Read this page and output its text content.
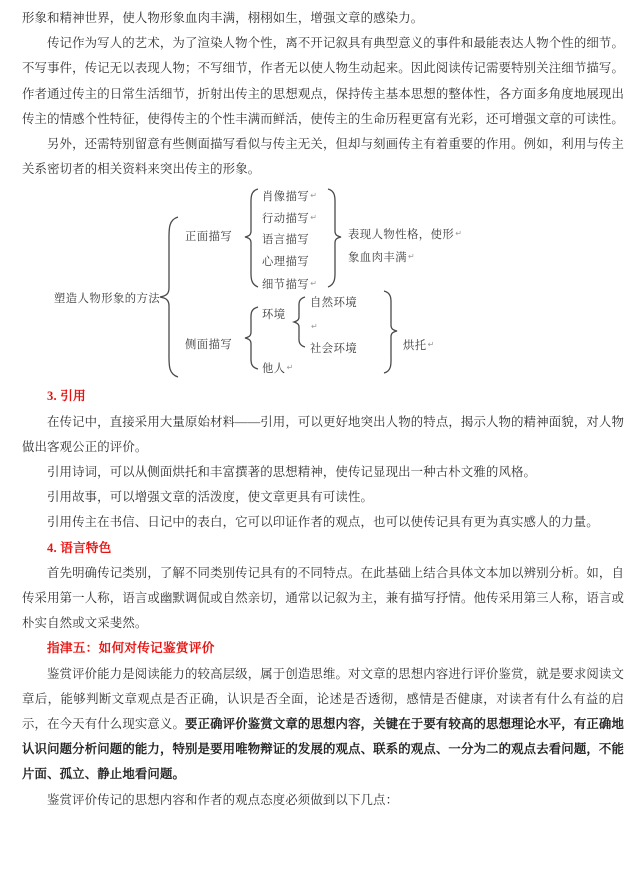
形象和精神世界，使人物形象血肉丰满，栩栩如生，增强文章的感染力。

传记作为写人的艺术，为了渲染人物个性，离不开记叙具有典型意义的事件和最能表达人物个性的细节。不写事件，传记无以表现人物；不写细节，作者无以使人物生动起来。因此阅读传记需要特别关注细节描写。作者通过传主的日常生活细节，折射出传主的思想观点，保持传主基本思想的整体性，各方面多角度地展现出传主的情感个性特征，使得传主的个性丰满而鲜活，使传主的生命历程更富有光彩，还可增强文章的可读性。

另外，还需特别留意有些侧面描写看似与传主无关，但却与刻画传主有着重要的作用。例如，利用与传主关系密切者的相关资料来突出传主的形象。

塑造人物形象的方法
正面描写
肖像描写↵
行动描写↵
语言描写
心理描写
细节描写↵
表现人物性格，使形↵
象血肉丰满↵
侧面描写
环境
他人↵
自然环境
↵
社会环境	烘托↵
3. 引用

在传记中，直接采用大量原始材料——引用，可以更好地突出人物的特点，揭示人物的精神面貌，对人物做出客观公正的评价。

引用诗词，可以从侧面烘托和丰富撰著的思想精神，使传记显现出一种古朴文雅的风格。

引用故事，可以增强文章的活泼度，使文章更具有可读性。

引用传主在书信、日记中的表白，它可以印证作者的观点，也可以使传记具有更为真实感人的力量。

4. 语言特色

首先明确传记类别，了解不同类别传记具有的不同特点。在此基础上结合具体文本加以辨别分析。如，自传采用第一人称，语言或幽默调侃或自然亲切，通常以记叙为主，兼有描写抒情。他传采用第三人称，语言或朴实自然或文采斐然。

指津五：如何对传记鉴赏评价

鉴赏评价能力是阅读能力的较高层级，属于创造思维。对文章的思想内容进行评价鉴赏，就是要求阅读文章后，能够判断文章观点是否正确，认识是否全面，论述是否透彻，感情是否健康，对读者有什么有益的启示，在今天有什么现实意义。要正确评价鉴赏文章的思想内容，关键在于要有较高的思想理论水平，有正确地认识问题分析问题的能力，特别是要用唯物辩证的发展的观点、联系的观点、一分为二的观点去看问题，不能片面、孤立、静止地看问题。

鉴赏评价传记的思想内容和作者的观点态度必须做到以下几点：
